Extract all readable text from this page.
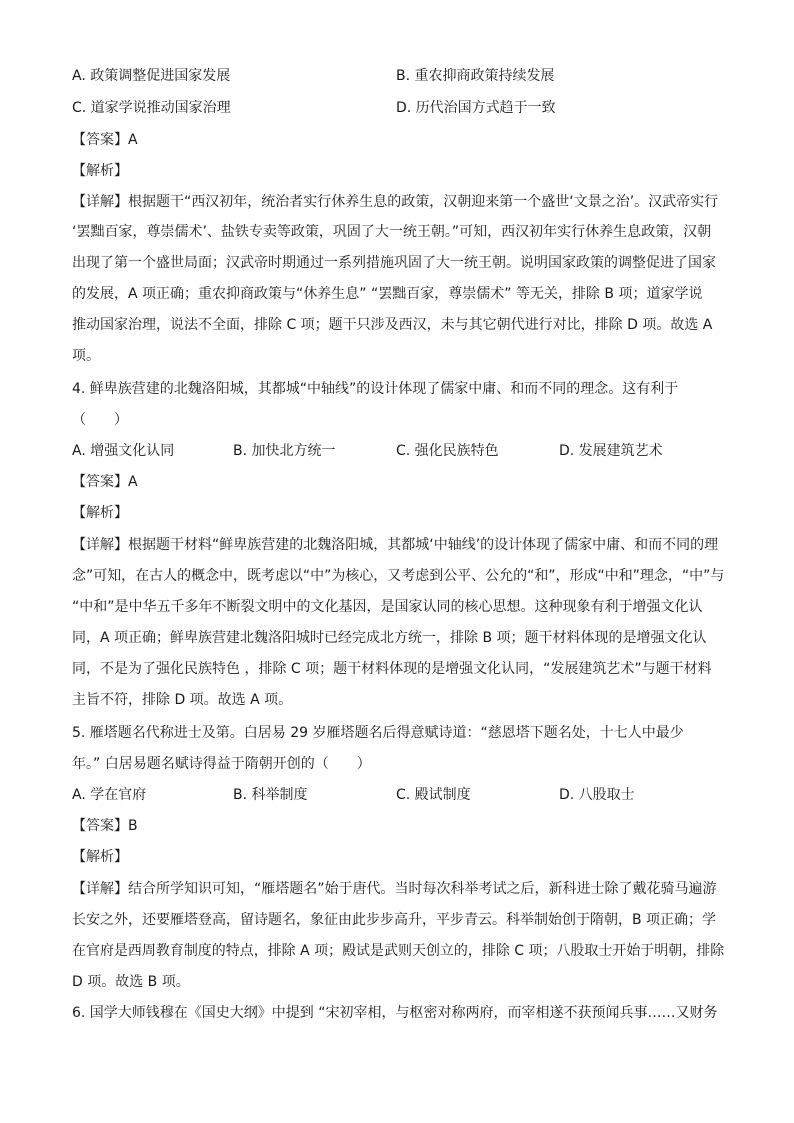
A. 政策调整促进国家发展	B. 重农抑商政策持续发展
C. 道家学说推动国家治理	D. 历代治国方式趋于一致
【答案】A
【解析】
【详解】根据题干“西汉初年，统治者实行休养生息的政策，汉朝迎来第一个盛世‘文景之治’。汉武帝实行
‘罢黜百家，尊崇儒术’、盐铁专卖等政策，巩固了大一统王朝。”可知，西汉初年实行休养生息政策，汉朝
出现了第一个盛世局面；汉武帝时期通过一系列措施巩固了大一统王朝。说明国家政策的调整促进了国家
的发展，A 项正确；重农抑商政策与“休养生息” “罢黜百家，尊崇儒术” 等无关，排除 B 项；道家学说
推动国家治理，说法不全面，排除 C 项；题干只涉及西汉，未与其它朝代进行对比，排除 D 项。故选 A
项。
4. 鲜卑族营建的北魏洛阳城，其都城“中轴线”的设计体现了儒家中庸、和而不同的理念。这有利于
（　　）
A. 增强文化认同	B. 加快北方统一	C. 强化民族特色	D. 发展建筑艺术
【答案】A
【解析】
【详解】根据题干材料“鲜卑族营建的北魏洛阳城，其都城‘中轴线’的设计体现了儒家中庸、和而不同的理
念”可知，在古人的概念中，既考虑以“中”为核心，又考虑到公平、公允的“和”，形成“中和”理念，“中”与
“中和”是中华五千多年不断裂文明中的文化基因，是国家认同的核心思想。这种现象有利于增强文化认
同，A 项正确；鲜卑族营建北魏洛阳城时已经完成北方统一，排除 B 项；题干材料体现的是增强文化认
同，不是为了强化民族特色 ，排除 C 项；题干材料体现的是增强文化认同，“发展建筑艺术”与题干材料
主旨不符，排除 D 项。故选 A 项。
5. 雁塔题名代称进士及第。白居易 29 岁雁塔题名后得意赋诗道：“慈恩塔下题名处，十七人中最少
年。” 白居易题名赋诗得益于隋朝开创的（　　）
A. 学在官府	B. 科举制度	C. 殿试制度	D. 八股取士
【答案】B
【解析】
【详解】结合所学知识可知，“雁塔题名”始于唐代。当时每次科举考试之后，新科进士除了戴花骑马遍游
长安之外，还要雁塔登高，留诗题名，象征由此步步高升，平步青云。科举制始创于隋朝，B 项正确；学
在官府是西周教育制度的特点，排除 A 项；殿试是武则天创立的，排除 C 项；八股取士开始于明朝，排除
D 项。故选 B 项。
6. 国学大师钱穆在《国史大纲》中提到 “宋初宰相，与枢密对称两府，而宰相遂不获预闻兵事……又财务
